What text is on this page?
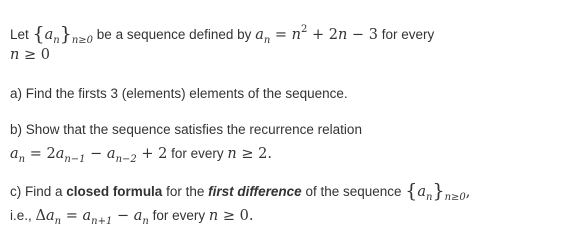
Let $\{a_n\}_{n\ge 0}$ be a sequence defined by $a_n = n^2 + 2n - 3$ for every
n ≥ 0
a) Find the firsts 3 (elements) elements of the sequence.
b) Show that the sequence satisfies the recurrence relation
$a_n = 2a_{n-1} - a_{n-2} + 2$ for every n ≥ 2.
c) Find a closed formula for the first difference of the sequence $\{a_n\}_{n\ge 0}$,
i.e., $\Delta a_n = a_{n+1} - a_n$ for every n ≥ 0.
